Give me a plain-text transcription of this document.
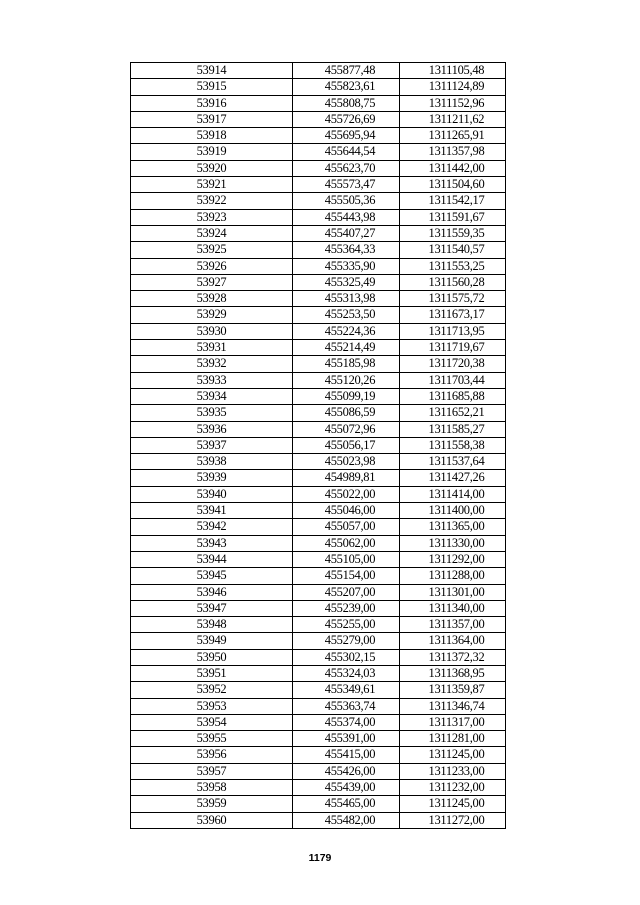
53914	455877,48	1311105,48
53915	455823,61	1311124,89
53916	455808,75	1311152,96
53917	455726,69	1311211,62
53918	455695,94	1311265,91
53919	455644,54	1311357,98
53920	455623,70	1311442,00
53921	455573,47	1311504,60
53922	455505,36	1311542,17
53923	455443,98	1311591,67
53924	455407,27	1311559,35
53925	455364,33	1311540,57
53926	455335,90	1311553,25
53927	455325,49	1311560,28
53928	455313,98	1311575,72
53929	455253,50	1311673,17
53930	455224,36	1311713,95
53931	455214,49	1311719,67
53932	455185,98	1311720,38
53933	455120,26	1311703,44
53934	455099,19	1311685,88
53935	455086,59	1311652,21
53936	455072,96	1311585,27
53937	455056,17	1311558,38
53938	455023,98	1311537,64
53939	454989,81	1311427,26
53940	455022,00	1311414,00
53941	455046,00	1311400,00
53942	455057,00	1311365,00
53943	455062,00	1311330,00
53944	455105,00	1311292,00
53945	455154,00	1311288,00
53946	455207,00	1311301,00
53947	455239,00	1311340,00
53948	455255,00	1311357,00
53949	455279,00	1311364,00
53950	455302,15	1311372,32
53951	455324,03	1311368,95
53952	455349,61	1311359,87
53953	455363,74	1311346,74
53954	455374,00	1311317,00
53955	455391,00	1311281,00
53956	455415,00	1311245,00
53957	455426,00	1311233,00
53958	455439,00	1311232,00
53959	455465,00	1311245,00
53960	455482,00	1311272,00
1179
